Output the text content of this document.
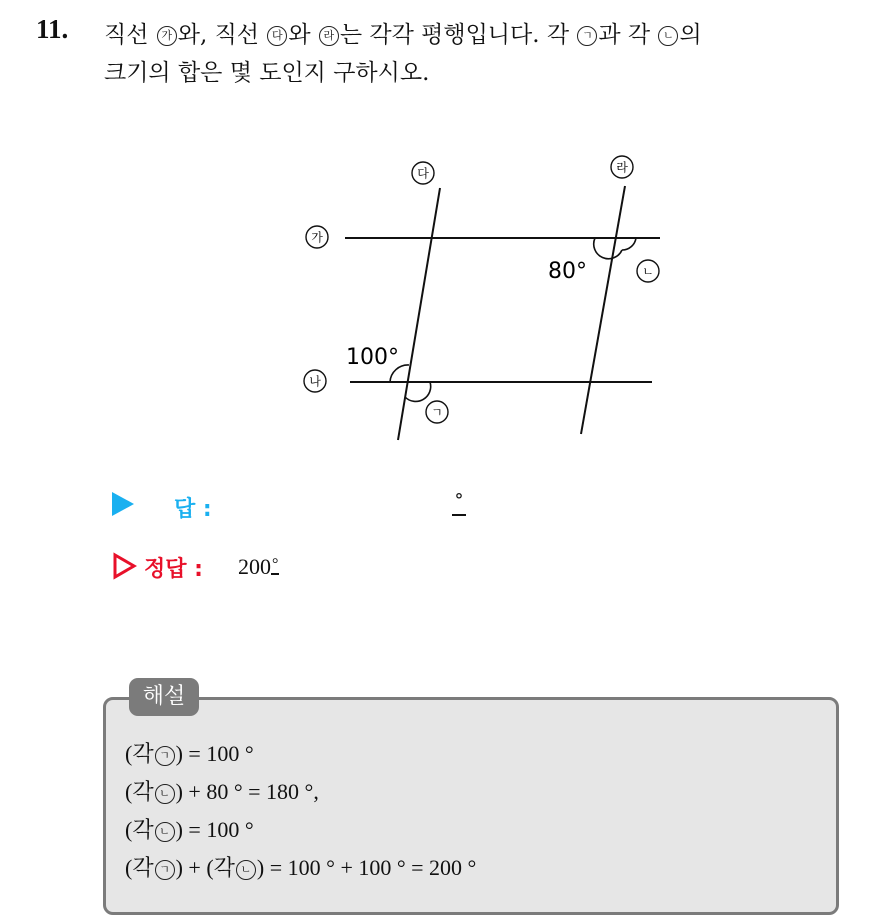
11. 직선 가 와, 직선 다 와 라 는 각각 평행입니다. 각 ㄱ 과 각 ㄴ 의
크기의 합은 몇 도인지 구하시오.
가
나
다	라
ㄴ
ㄱ
80°
100°
답 :	°
정답 : 200°
해설
(각 ㄱ ) = 100 °
(각 ㄴ ) + 80 ° = 180 °,
(각 ㄴ ) = 100 °
(각 ㄱ ) + (각 ㄴ ) = 100 ° + 100 ° = 200 °
